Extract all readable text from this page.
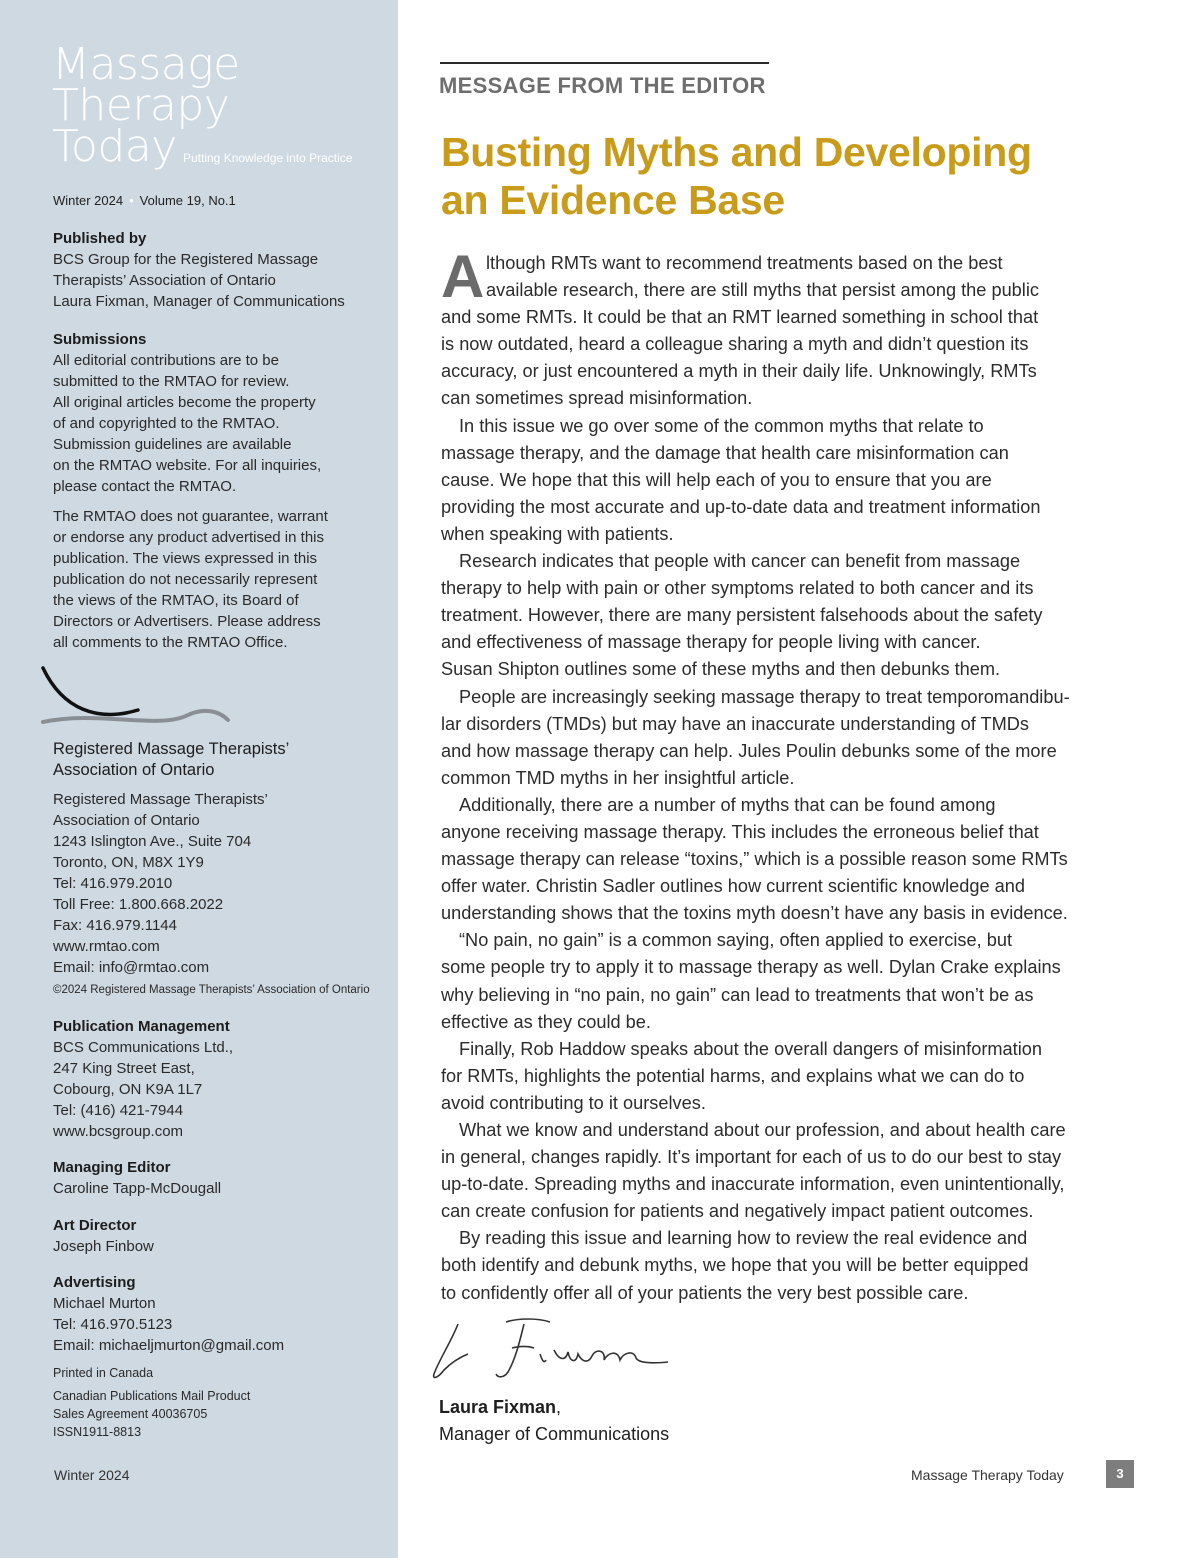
Massage
Therapy
Today Putting Knowledge into Practice
Winter 2024 • Volume 19, No.1
Published by
BCS Group for the Registered Massage
Therapists’ Association of Ontario
Laura Fixman, Manager of Communications
Submissions
All editorial contributions are to be
submitted to the RMTAO for review.
All original articles become the property
of and copyrighted to the RMTAO.
Submission guidelines are available
on the RMTAO website. For all inquiries,
please contact the RMTAO.
The RMTAO does not guarantee, warrant
or endorse any product advertised in this
publication. The views expressed in this
publication do not necessarily represent
the views of the RMTAO, its Board of
Directors or Advertisers. Please address
all comments to the RMTAO Office.
Registered Massage Therapists’
Association of Ontario
Registered Massage Therapists’
Association of Ontario
1243 Islington Ave., Suite 704
Toronto, ON, M8X 1Y9
Tel: 416.979.2010
Toll Free: 1.800.668.2022
Fax: 416.979.1144
www.rmtao.com
Email: info@rmtao.com
©2024 Registered Massage Therapists’ Association of Ontario
Publication Management
BCS Communications Ltd.,
247 King Street East,
Cobourg, ON K9A 1L7
Tel: (416) 421-7944
www.bcsgroup.com
Managing Editor
Caroline Tapp-McDougall
Art Director
Joseph Finbow
Advertising
Michael Murton
Tel: 416.970.5123
Email: michaeljmurton@gmail.com
Printed in Canada
Canadian Publications Mail Product
Sales Agreement 40036705
ISSN1911-8813
Winter 2024
MESSAGE FROM THE EDITOR
Busting Myths and Developing
an Evidence Base
A lthough RMTs want to recommend treatments based on the best
available research, there are still myths that persist among the public
and some RMTs. It could be that an RMT learned something in school that
is now outdated, heard a colleague sharing a myth and didn’t question its
accuracy, or just encountered a myth in their daily life. Unknowingly, RMTs
can sometimes spread misinformation.
In this issue we go over some of the common myths that relate to
massage therapy, and the damage that health care misinformation can
cause. We hope that this will help each of you to ensure that you are
providing the most accurate and up-to-date data and treatment information
when speaking with patients.
Research indicates that people with cancer can benefit from massage
therapy to help with pain or other symptoms related to both cancer and its
treatment. However, there are many persistent falsehoods about the safety
and effectiveness of massage therapy for people living with cancer.
Susan Shipton outlines some of these myths and then debunks them.
People are increasingly seeking massage therapy to treat temporomandibu-
lar disorders (TMDs) but may have an inaccurate understanding of TMDs
and how massage therapy can help. Jules Poulin debunks some of the more
common TMD myths in her insightful article.
Additionally, there are a number of myths that can be found among
anyone receiving massage therapy. This includes the erroneous belief that
massage therapy can release “toxins,” which is a possible reason some RMTs
offer water. Christin Sadler outlines how current scientific knowledge and
understanding shows that the toxins myth doesn’t have any basis in evidence.
“No pain, no gain” is a common saying, often applied to exercise, but
some people try to apply it to massage therapy as well. Dylan Crake explains
why believing in “no pain, no gain” can lead to treatments that won’t be as
effective as they could be.
Finally, Rob Haddow speaks about the overall dangers of misinformation
for RMTs, highlights the potential harms, and explains what we can do to
avoid contributing to it ourselves.
What we know and understand about our profession, and about health care
in general, changes rapidly. It’s important for each of us to do our best to stay
up-to-date. Spreading myths and inaccurate information, even unintentionally,
can create confusion for patients and negatively impact patient outcomes.
By reading this issue and learning how to review the real evidence and
both identify and debunk myths, we hope that you will be better equipped
to confidently offer all of your patients the very best possible care.
Laura Fixman,
Manager of Communications
Massage Therapy Today	3
